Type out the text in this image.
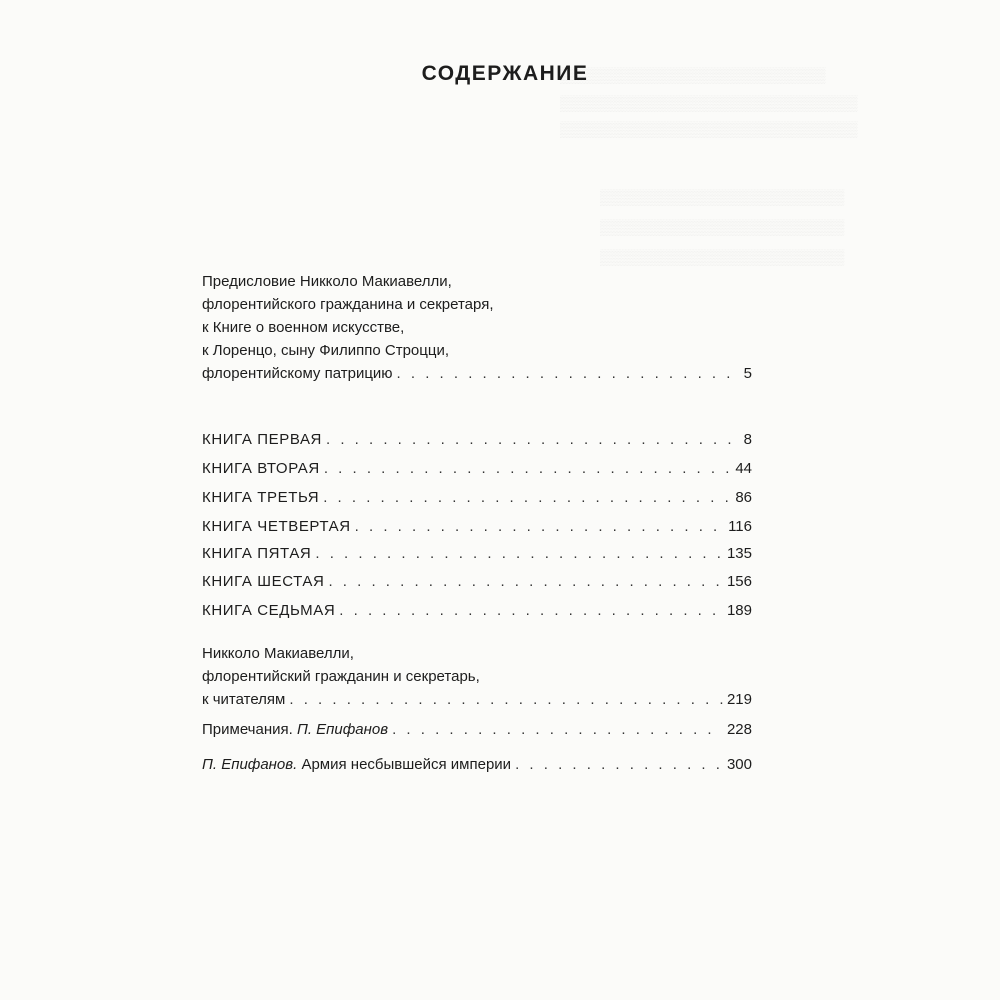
▒▒▒▒▒▒▒▒▒▒▒▒▒▒▒▒▒▒▒▒▒▒▒▒▒
▒▒▒▒▒▒▒▒▒▒▒▒▒▒▒▒▒▒▒▒▒▒▒▒▒▒▒▒
▒▒▒▒▒▒▒▒▒▒▒▒▒▒▒▒▒▒▒▒▒▒▒▒▒▒▒▒
▒▒▒▒▒▒▒▒▒▒▒▒▒▒▒▒▒▒▒▒▒▒▒
▒▒▒▒▒▒▒▒▒▒▒▒▒▒▒▒▒▒▒▒▒▒▒
▒▒▒▒▒▒▒▒▒▒▒▒▒▒▒▒▒▒▒▒▒▒▒
СОДЕРЖАНИЕ
Предисловие Никколо Макиавелли,
флорентийского гражданина и секретаря,
к Книге о военном искусстве,
к Лоренцо, сыну Филиппо Строцци,
флорентийскому патрицию . . .	5
КНИГА ПЕРВАЯ . . .	8
КНИГА ВТОРАЯ . . .	44
КНИГА ТРЕТЬЯ . . .	86
КНИГА ЧЕТВЕРТАЯ . . .	116
КНИГА ПЯТАЯ . . .	135
КНИГА ШЕСТАЯ . . .	156
КНИГА СЕДЬМАЯ . . .	189
Никколо Макиавелли,
флорентийский гражданин и секретарь,
к читателям . . .	219
Примечания. П. Епифанов . . .	228
П. Епифанов. Армия несбывшейся империи . . .	300
